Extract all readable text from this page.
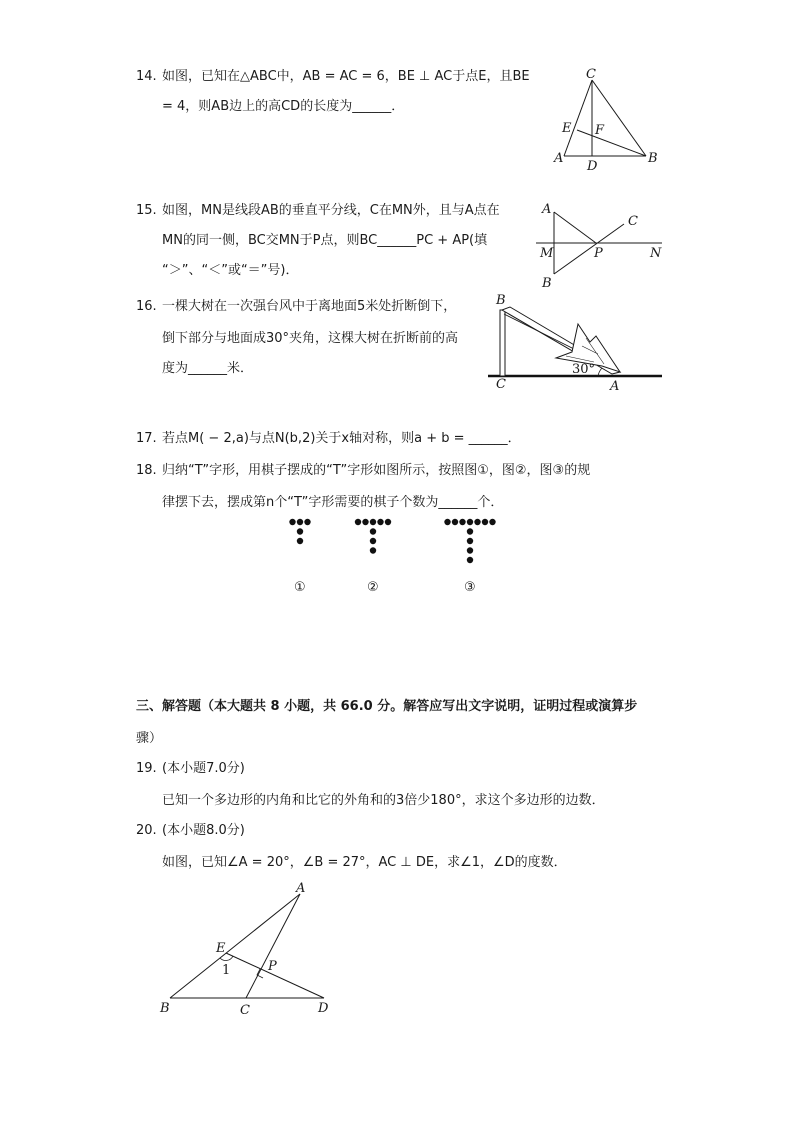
14. 如图，已知在△ABC中，AB = AC = 6，BE ⊥ AC于点E，且BE
= 4，则AB边上的高CD的长度为______．
C
E F
A
D
B
15. 如图，MN是线段AB的垂直平分线，C在MN外，且与A点在
MN的同一侧，BC交MN于P点，则BC______PC + AP(填
“＞”、“＜”或“＝”号)．
A
C
M	P	N
B
16. 一棵大树在一次强台风中于离地面5米处折断倒下，
倒下部分与地面成30°夹角，这棵大树在折断前的高
度为______米．
B
30°
C	A
17. 若点M( − 2,a)与点N(b,2)关于x轴对称，则a + b = ______．
18. 归纳“T”字形，用棋子摆成的“T”字形如图所示，按照图①，图②，图③的规
律摆下去，摆成第n个“T”字形需要的棋子个数为______个．
①	②	③
三、解答题（本大题共 8 小题，共 66.0 分。解答应写出文字说明，证明过程或演算步
骤）
19. (本小题7.0分)
已知一个多边形的内角和比它的外角和的3倍少180°，求这个多边形的边数．
20. (本小题8.0分)
如图，已知∠A = 20°，∠B = 27°，AC ⊥ DE，求∠1，∠D的度数．
A
E
1	P
B	C	D
